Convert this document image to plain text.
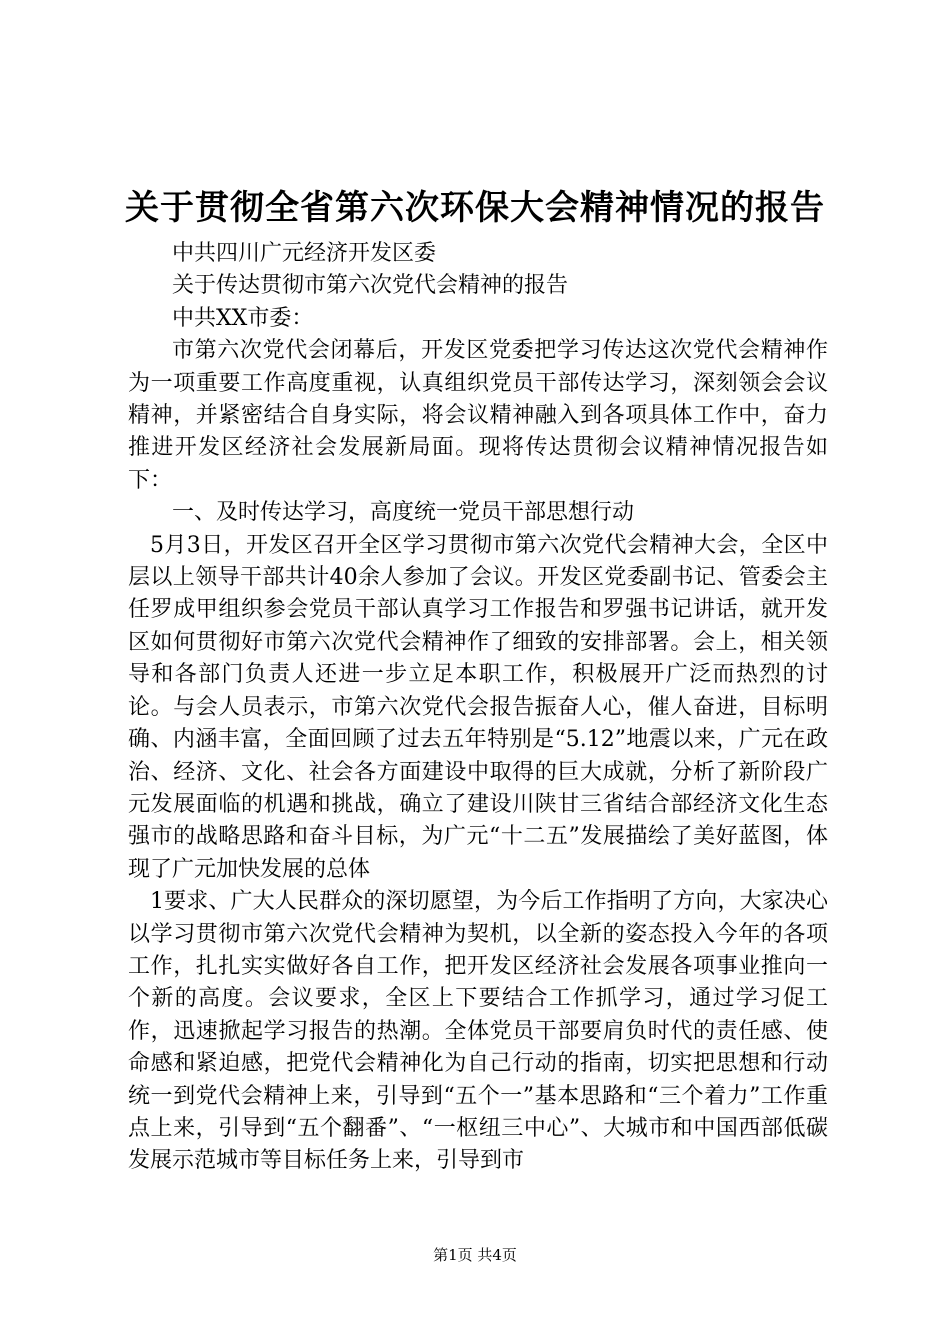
关于贯彻全省第六次环保大会精神情况的报告

中共四川广元经济开发区委

关于传达贯彻市第六次党代会精神的报告

中共XX市委：

市第六次党代会闭幕后，开发区党委把学习传达这次党代会精神作为一项重要工作高度重视，认真组织党员干部传达学习，深刻领会会议精神，并紧密结合自身实际，将会议精神融入到各项具体工作中，奋力推进开发区经济社会发展新局面。现将传达贯彻会议精神情况报告如下：

一、及时传达学习，高度统一党员干部思想行动

5月3日，开发区召开全区学习贯彻市第六次党代会精神大会，全区中层以上领导干部共计40余人参加了会议。开发区党委副书记、管委会主任罗成甲组织参会党员干部认真学习工作报告和罗强书记讲话，就开发区如何贯彻好市第六次党代会精神作了细致的安排部署。会上，相关领导和各部门负责人还进一步立足本职工作，积极展开广泛而热烈的讨论。与会人员表示，市第六次党代会报告振奋人心，催人奋进，目标明确、内涵丰富，全面回顾了过去五年特别是“5.12”地震以来，广元在政治、经济、文化、社会各方面建设中取得的巨大成就，分析了新阶段广元发展面临的机遇和挑战，确立了建设川陕甘三省结合部经济文化生态强市的战略思路和奋斗目标，为广元“十二五”发展描绘了美好蓝图，体现了广元加快发展的总体

1要求、广大人民群众的深切愿望，为今后工作指明了方向，大家决心以学习贯彻市第六次党代会精神为契机，以全新的姿态投入今年的各项工作，扎扎实实做好各自工作，把开发区经济社会发展各项事业推向一个新的高度。会议要求，全区上下要结合工作抓学习，通过学习促工作，迅速掀起学习报告的热潮。全体党员干部要肩负时代的责任感、使命感和紧迫感，把党代会精神化为自己行动的指南，切实把思想和行动统一到党代会精神上来，引导到“五个一”基本思路和“三个着力”工作重点上来，引导到“五个翻番”、“一枢纽三中心”、大城市和中国西部低碳发展示范城市等目标任务上来，引导到市

第1页 共4页
